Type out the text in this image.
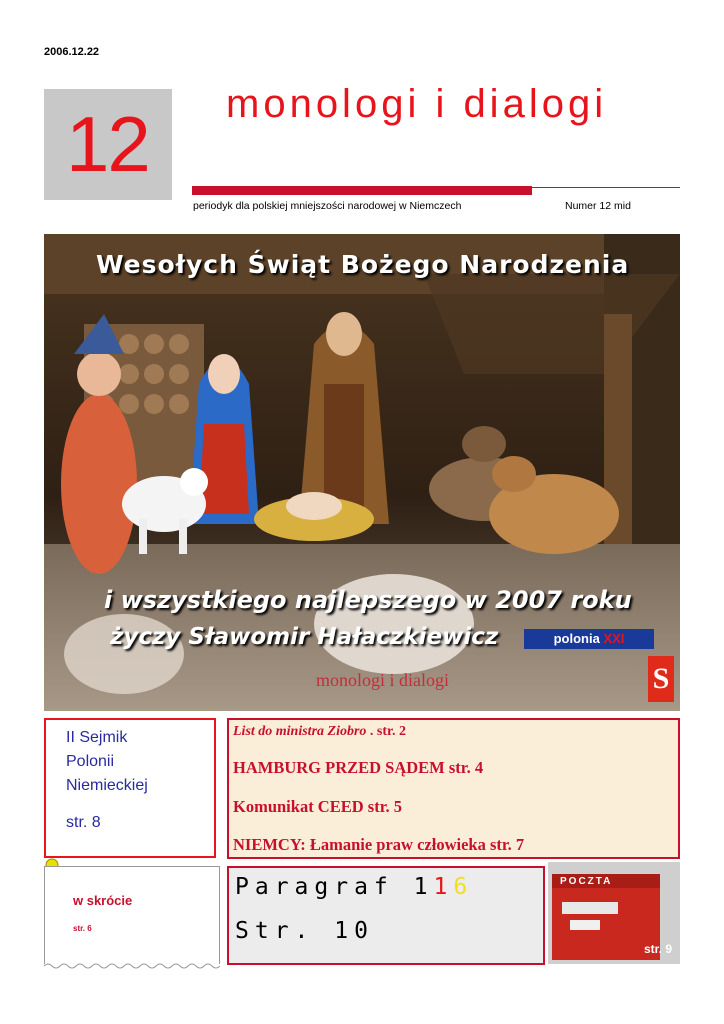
2006.12.22
12 monologi i dialogi
periodyk dla polskiej mniejszości narodowej w Niemczech	Numer 12 mid
Wesołych Świąt Bożego Narodzenia
i wszystkiego najlepszego w 2007 roku
życzy Sławomir Hałaczkiewicz	polonia XXI
monologi i dialogi	S
II Sejmik
Polonii
Niemieckiej
str. 8
List do ministra Ziobro . str. 2
HAMBURG PRZED SĄDEM str. 4
Komunikat CEED str. 5
NIEMCY: Łamanie praw człowieka str. 7
w skrócie
str. 6
Paragraf 116
Str. 10
POCZTA
str. 9
